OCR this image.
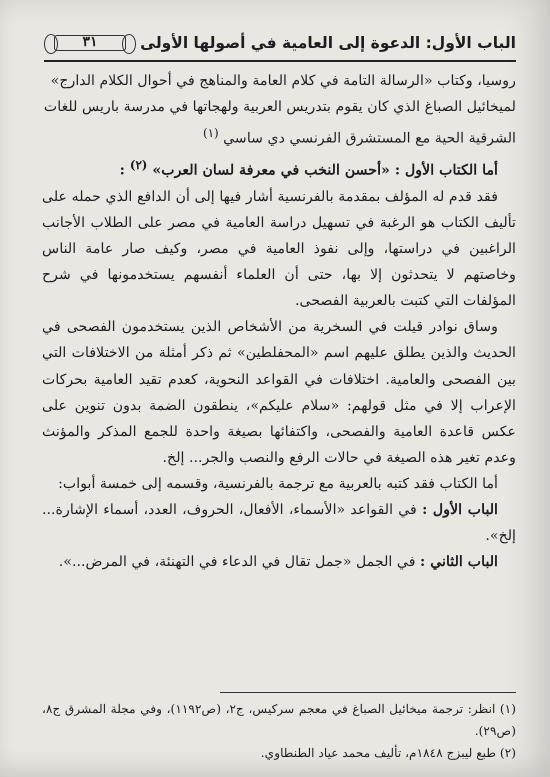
الباب الأول: الدعوة إلى العامية في أصولها الأولى
٣١

روسيا، وكتاب «الرسالة التامة في كلام العامة والمناهج في أحوال الكلام الدارج»

لميخائيل الصباغ الذي كان يقوم بتدريس العربية ولهجاتها في مدرسة باريس للغات

الشرقية الحية مع المستشرق الفرنسي دي ساسي $^{(١)}$

أما الكتاب الأول : «أحسن النخب في معرفة لسان العرب» $^{(٢)}$ :

فقد قدم له المؤلف بمقدمة بالفرنسية أشار فيها إلى أن الدافع الذي حمله على تأليف الكتاب هو الرغبة في تسهيل دراسة العامية في مصر على الطلاب الأجانب الراغبين في دراستها، وإلى نفوذ العامية في مصر، وكيف صار عامة الناس وخاصتهم لا يتحدثون إلا بها، حتى أن العلماء أنفسهم يستخدمونها في شرح المؤلفات التي كتبت بالعربية الفصحى.

وساق نوادر قيلت في السخرية من الأشخاص الذين يستخدمون الفصحى في الحديث والذين يطلق عليهم اسم «المحفلطين» ثم ذكر أمثلة من الاختلافات التي بين الفصحى والعامية. اختلافات في القواعد النحوية، كعدم تقيد العامية بحركات الإعراب إلا في مثل قولهم: «سلام عليكم»، ينطقون الضمة بدون تنوين على عكس قاعدة العامية والفصحى، واكتفائها بصيغة واحدة للجمع المذكر والمؤنث وعدم تغير هذه الصيغة في حالات الرفع والنصب والجر... إلخ.

أما الكتاب فقد كتبه بالعربية مع ترجمة بالفرنسية، وقسمه إلى خمسة أبواب:

الباب الأول : في القواعد «الأسماء، الأفعال، الحروف، العدد، أسماء الإشارة... إلخ».

الباب الثاني : في الجمل «جمل تقال في الدعاء في التهنئة، في المرض...».

(١) انظر: ترجمة ميخائيل الصباغ في معجم سركيس، ج٢، (ص١١٩٢)، وفي مجلة المشرق ج٨، (ص٢٩).

(٢) طبع ليبزج ١٨٤٨م، تأليف محمد عياد الطنطاوي.
